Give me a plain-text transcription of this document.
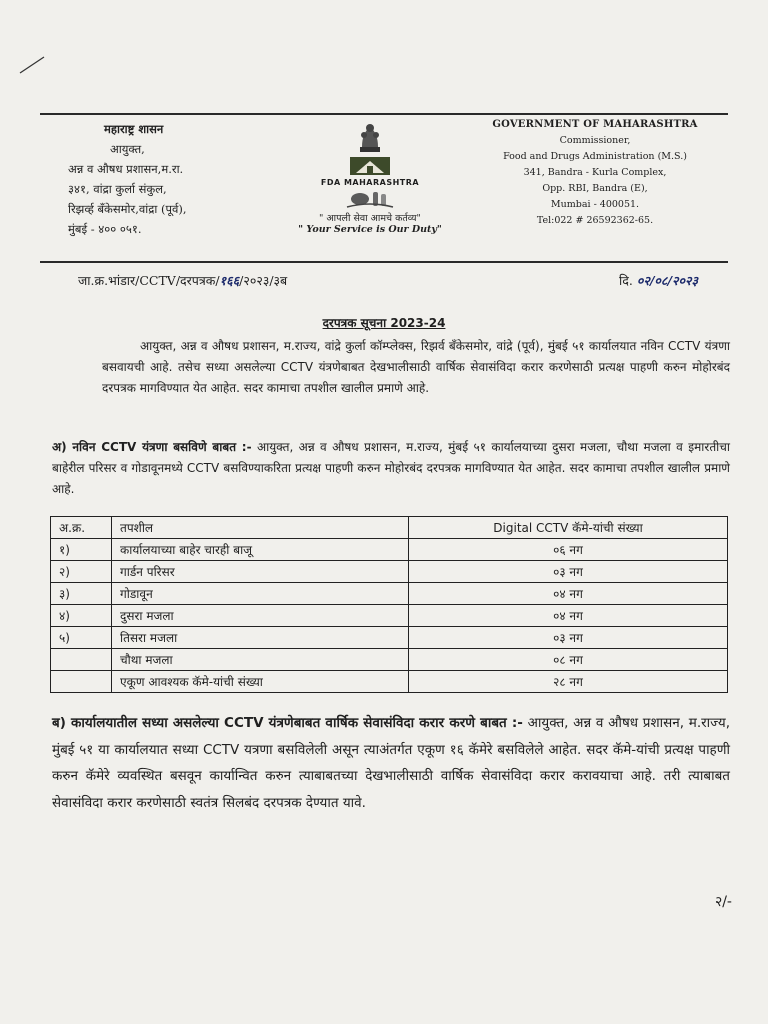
महाराष्ट्र शासन
आयुक्त,
अन्न व औषध प्रशासन,म.रा.
३४१, वांद्रा कुर्ला संकुल,
रिझर्व्ह बॅंकेसमोर,वांद्रा (पूर्व),
मुंबई - ४०० ०५१.
FDA MAHARASHTRA
" आपली सेवा आमचे कर्तव्य"
" Your Service is Our Duty"
GOVERNMENT OF MAHARASHTRA
Commissioner,
Food and Drugs Administration (M.S.)
341, Bandra - Kurla Complex,
Opp. RBI, Bandra (E),
Mumbai - 400051.
Tel:022 # 26592362-65.
जा.क्र.भांडार/CCTV/दरपत्रक/१६६/२०२३/३ब	दि. ०२/०८/२०२३
दरपत्रक सूचना 2023-24
आयुक्त, अन्न व औषध प्रशासन, म.राज्य, वांद्रे कुर्ला कॉम्प्लेक्स, रिझर्व बॅंकेसमोर, वांद्रे (पूर्व), मुंबई ५१ कार्यालयात नविन CCTV यंत्रणा बसवायची आहे. तसेच सध्या असलेल्या CCTV यंत्रणेबाबत देखभालीसाठी वार्षिक सेवासंविदा करार करणेसाठी प्रत्यक्ष पाहणी करुन मोहोरबंद दरपत्रक मागविण्यात येत आहेत. सदर कामाचा तपशील खालील प्रमाणे आहे.
अ) नविन CCTV यंत्रणा बसविणे बाबत :- आयुक्त, अन्न व औषध प्रशासन, म.राज्य, मुंबई ५१ कार्यालयाच्या दुसरा मजला, चौथा मजला व इमारतीचा बाहेरील परिसर व गोडावूनमध्ये CCTV बसविण्याकरिता प्रत्यक्ष पाहणी करुन मोहोरबंद दरपत्रक मागविण्यात येत आहेत. सदर कामाचा तपशील खालील प्रमाणे आहे.
अ.क्र.	तपशील	Digital CCTV कॅमे-यांची संख्या
१)	कार्यालयाच्या बाहेर चारही बाजू	०६ नग
२)	गार्डन परिसर	०३ नग
३)	गोडावून	०४ नग
४)	दुसरा मजला	०४ नग
५)	तिसरा मजला	०३ नग
	चौथा मजला	०८ नग
	एकूण आवश्यक कॅमे-यांची संख्या	२८ नग
ब) कार्यालयातील सध्या असलेल्या CCTV यंत्रणेबाबत वार्षिक सेवासंविदा करार करणे बाबत :- आयुक्त, अन्न व औषध प्रशासन, म.राज्य, मुंबई ५१ या कार्यालयात सध्या CCTV यत्रणा बसविलेली असून त्याअंतर्गत एकूण १६ कॅमेरे बसविलेले आहेत. सदर कॅमे-यांची प्रत्यक्ष पाहणी करुन कॅमेरे व्यवस्थित बसवून कार्यान्वित करुन त्याबाबतच्या देखभालीसाठी वार्षिक सेवासंविदा करार करावयाचा आहे. तरी त्याबाबत सेवासंविदा करार करणेसाठी स्वतंत्र सिलबंद दरपत्रक देण्यात यावे.
२/-
